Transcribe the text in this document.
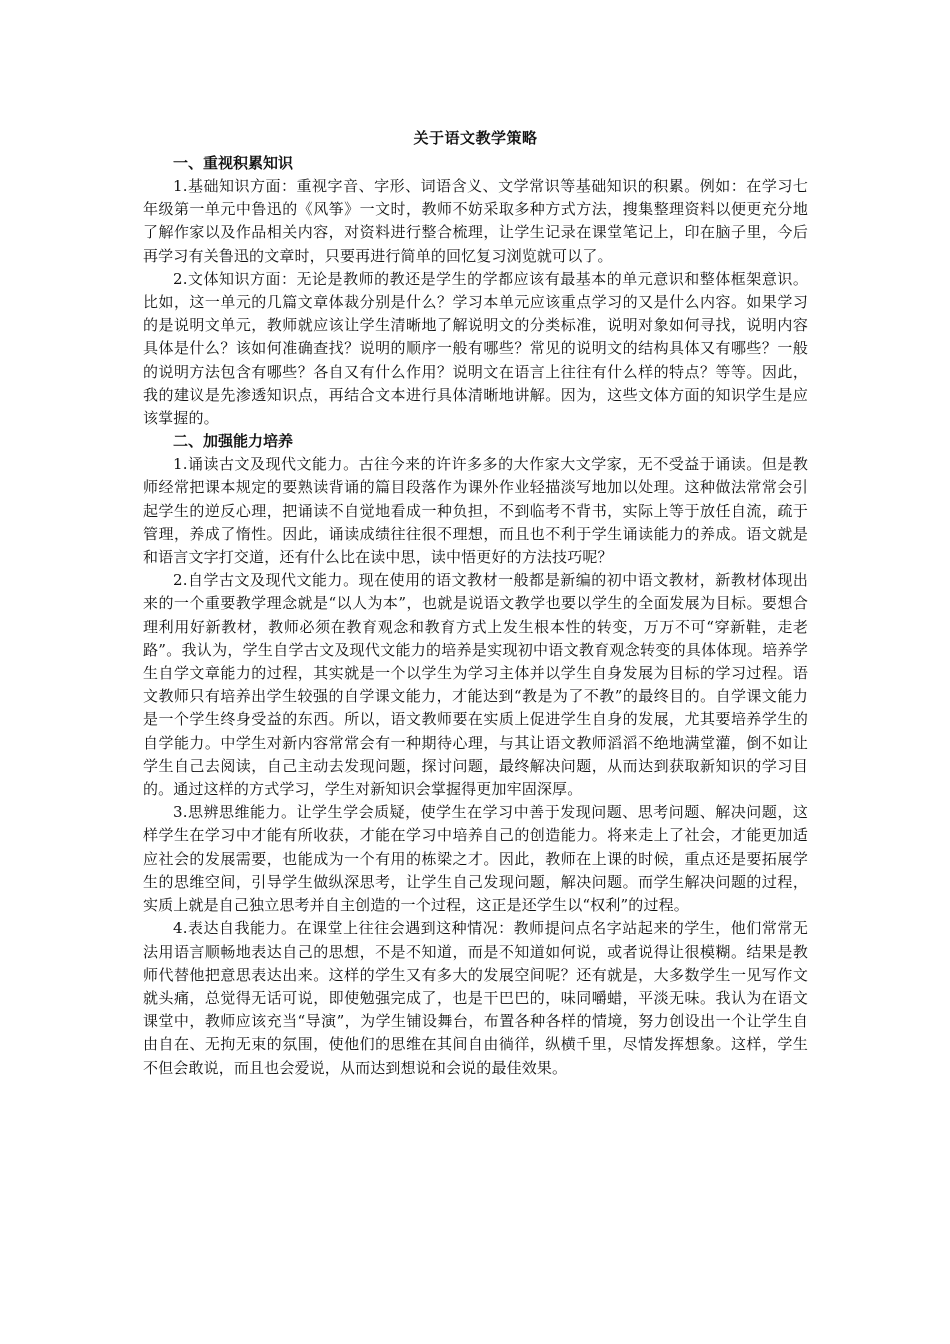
关于语文教学策略
一、重视积累知识

1.基础知识方面：重视字音、字形、词语含义、文学常识等基础知识的积累。例如：在学习七年级第一单元中鲁迅的《风筝》一文时，教师不妨采取多种方式方法，搜集整理资料以便更充分地了解作家以及作品相关内容，对资料进行整合梳理，让学生记录在课堂笔记上，印在脑子里，今后再学习有关鲁迅的文章时，只要再进行简单的回忆复习浏览就可以了。

2.文体知识方面：无论是教师的教还是学生的学都应该有最基本的单元意识和整体框架意识。比如，这一单元的几篇文章体裁分别是什么？学习本单元应该重点学习的又是什么内容。如果学习的是说明文单元，教师就应该让学生清晰地了解说明文的分类标准，说明对象如何寻找，说明内容具体是什么？该如何准确查找？说明的顺序一般有哪些？常见的说明文的结构具体又有哪些？一般的说明方法包含有哪些？各自又有什么作用？说明文在语言上往往有什么样的特点？等等。因此，我的建议是先渗透知识点，再结合文本进行具体清晰地讲解。因为，这些文体方面的知识学生是应该掌握的。

二、加强能力培养

1.诵读古文及现代文能力。古往今来的许许多多的大作家大文学家，无不受益于诵读。但是教师经常把课本规定的要熟读背诵的篇目段落作为课外作业轻描淡写地加以处理。这种做法常常会引起学生的逆反心理，把诵读不自觉地看成一种负担，不到临考不背书，实际上等于放任自流，疏于管理，养成了惰性。因此，诵读成绩往往很不理想，而且也不利于学生诵读能力的养成。语文就是和语言文字打交道，还有什么比在读中思，读中悟更好的方法技巧呢？

2.自学古文及现代文能力。现在使用的语文教材一般都是新编的初中语文教材，新教材体现出来的一个重要教学理念就是“以人为本”，也就是说语文教学也要以学生的全面发展为目标。要想合理利用好新教材，教师必须在教育观念和教育方式上发生根本性的转变，万万不可“穿新鞋，走老路”。我认为，学生自学古文及现代文能力的培养是实现初中语文教育观念转变的具体体现。培养学生自学文章能力的过程，其实就是一个以学生为学习主体并以学生自身发展为目标的学习过程。语文教师只有培养出学生较强的自学课文能力，才能达到“教是为了不教”的最终目的。自学课文能力是一个学生终身受益的东西。所以，语文教师要在实质上促进学生自身的发展，尤其要培养学生的自学能力。中学生对新内容常常会有一种期待心理，与其让语文教师滔滔不绝地满堂灌，倒不如让学生自己去阅读，自己主动去发现问题，探讨问题，最终解决问题，从而达到获取新知识的学习目的。通过这样的方式学习，学生对新知识会掌握得更加牢固深厚。

3.思辨思维能力。让学生学会质疑，使学生在学习中善于发现问题、思考问题、解决问题，这样学生在学习中才能有所收获，才能在学习中培养自己的创造能力。将来走上了社会，才能更加适应社会的发展需要，也能成为一个有用的栋梁之才。因此，教师在上课的时候，重点还是要拓展学生的思维空间，引导学生做纵深思考，让学生自己发现问题，解决问题。而学生解决问题的过程，实质上就是自己独立思考并自主创造的一个过程，这正是还学生以“权利”的过程。

4.表达自我能力。在课堂上往往会遇到这种情况：教师提问点名字站起来的学生，他们常常无法用语言顺畅地表达自己的思想，不是不知道，而是不知道如何说，或者说得让很模糊。结果是教师代替他把意思表达出来。这样的学生又有多大的发展空间呢？还有就是，大多数学生一见写作文就头痛，总觉得无话可说，即使勉强完成了，也是干巴巴的，味同嚼蜡，平淡无味。我认为在语文课堂中，教师应该充当“导演”，为学生铺设舞台，布置各种各样的情境，努力创设出一个让学生自由自在、无拘无束的氛围，使他们的思维在其间自由徜徉，纵横千里，尽情发挥想象。这样，学生不但会敢说，而且也会爱说，从而达到想说和会说的最佳效果。
